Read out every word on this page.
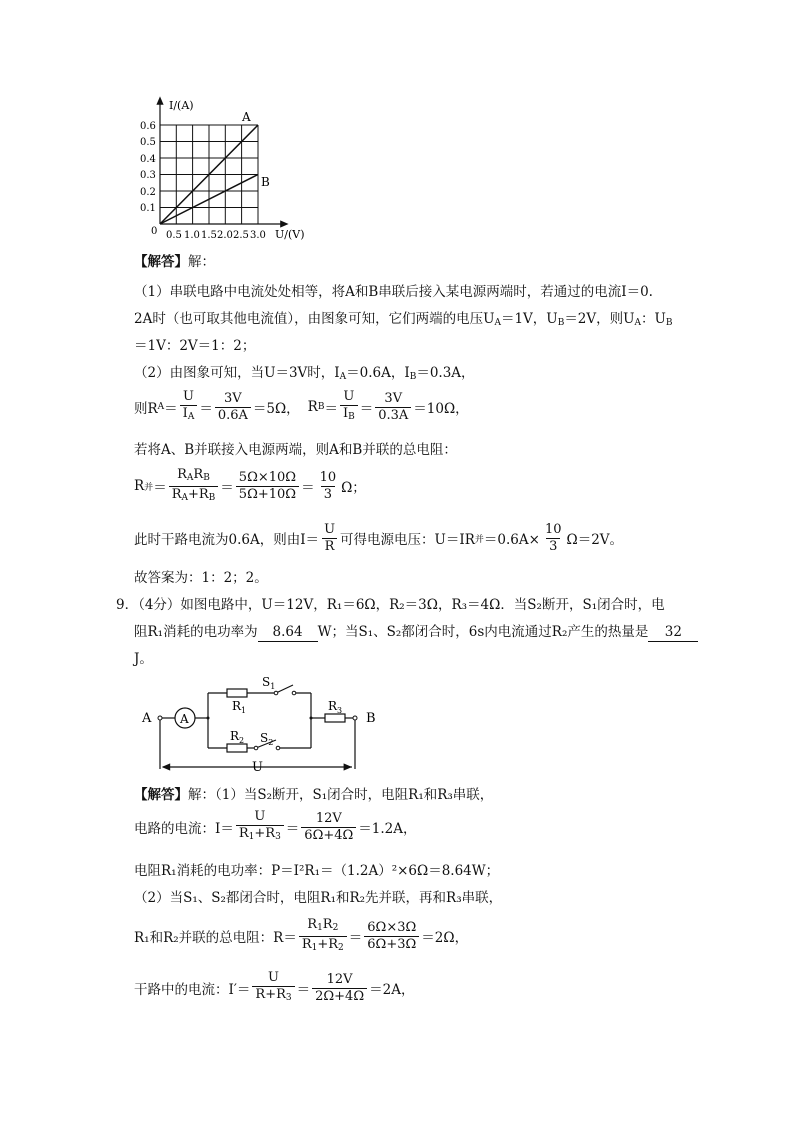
I/(A)
U/(V)
0
0.6
0.5
0.4
0.3
0.2
0.1
0.5 1.0 1.5 2.0 2.5 3.0
A
B
【解答】解：
（1）串联电路中电流处处相等，将A和B串联后接入某电源两端时，若通过的电流I＝0.
2A时（也可取其他电流值），由图象可知，它们两端的电压$U_A=1V$，$U_B=2V$，则$U_A$：$U_B$
＝1V：2V＝1：2；
（2）由图象可知，当U＝3V时，$I_A=0.6A$，$I_B=0.3A$，
则R $A = \frac{U}{I_A} = \frac{3V}{0.6A} =5\Omega$， R $B = \frac{U}{I_B} = \frac{3V}{0.3A} =10\Omega$，
若将A、B并联接入电源两端，则A和B并联的总电阻：
R 并 ＝ $\frac{R_AR_B}{R_A+R_B} = \frac{5\Omega\times 10\Omega}{5\Omega+10\Omega} = \frac{10}{3}$ Ω；
此时干路电流为0.6A，则由$I= \frac{U}{R}$ 可得电源电压：U＝IR 并 $=0.6A\times \frac{10}{3} \Omega=2V$。
故答案为：1：2；2。
9．（4分）如图电路中，U＝12V，R₁＝6Ω，R₂＝3Ω，R₃＝4Ω．当S₂断开，S₁闭合时，电
阻R₁消耗的电功率为 8.64 W；当S₁、S₂都闭合时，6s内电流通过R₂产生的热量是 32
J。
A	B
A
$R_1$
$R_2$
$R_3$
$S_1$
$S_2$
U
【解答】解：（1）当S₂断开，S₁闭合时，电阻R₁和R₃串联，
电路的电流：$I= \frac{U}{R_1+R_3} = \frac{12V}{6\Omega+4\Omega} =1.2A$，
电阻R₁消耗的电功率：P＝I²R₁＝（1.2A）²×6Ω＝8.64W；
（2）当S₁、S₂都闭合时，电阻R₁和R₂先并联，再和R₃串联，
R₁和R₂并联的总电阻：$R= \frac{R_1R_2}{R_1+R_2} = \frac{6\Omega\times 3\Omega}{6\Omega+3\Omega} =2\Omega$，
干路中的电流：$I'= \frac{U}{R+R_3} = \frac{12V}{2\Omega+4\Omega} =2A$，
